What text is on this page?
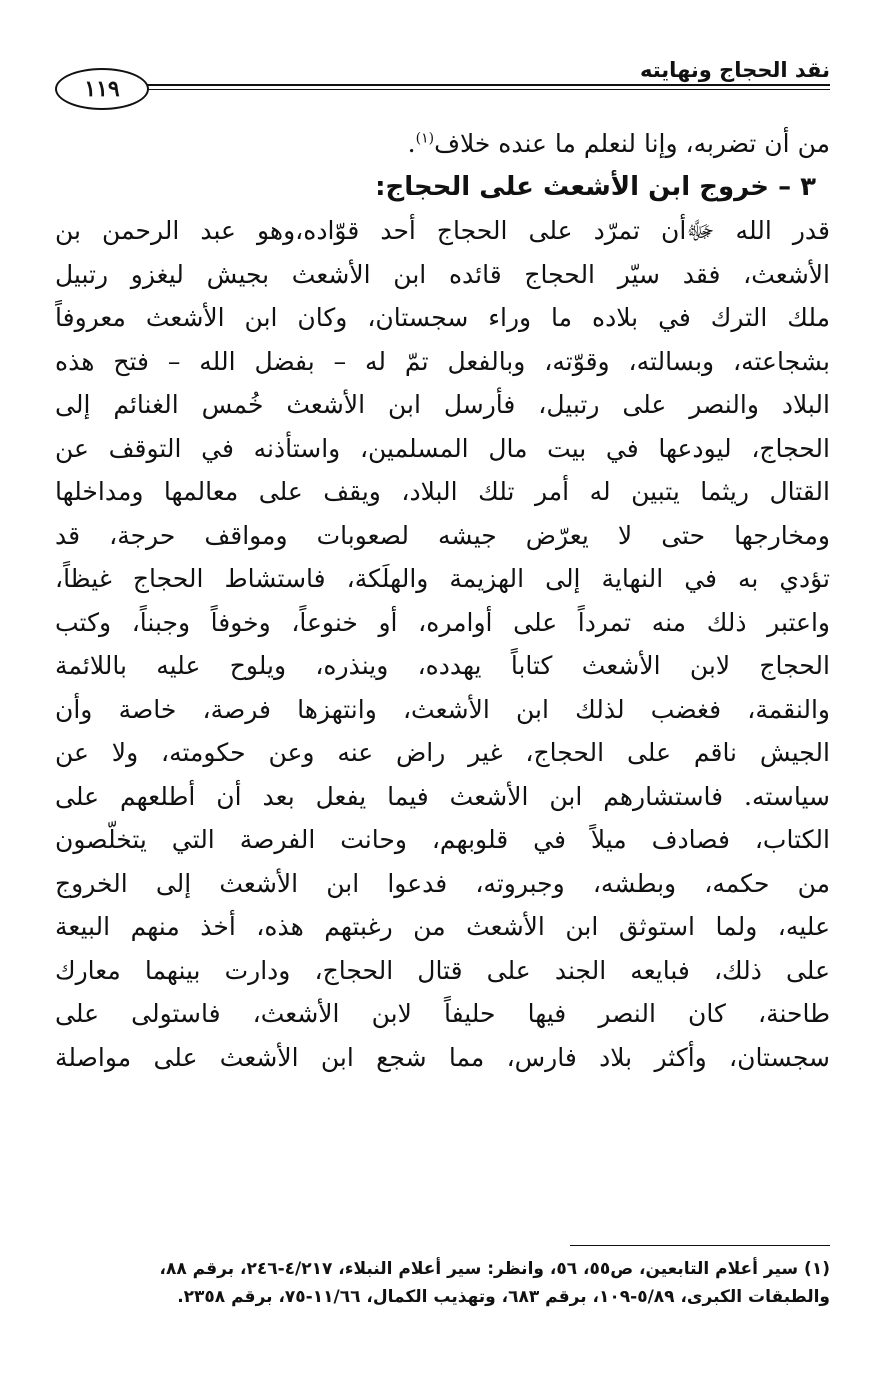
نقد الحجاج ونهايته
١١٩
من أن تضربه، وإنا لنعلم ما عنده خلاف$^{(١)}$.
٣ – خروج ابن الأشعث على الحجاج:
قدر الله ﷻأن تمرّد على الحجاج أحد قوّاده،وهو عبد الرحمن بن
الأشعث، فقد سيّر الحجاج قائده ابن الأشعث بجيش ليغزو رتبيل
ملك الترك في بلاده ما وراء سجستان، وكان ابن الأشعث معروفاً
بشجاعته، وبسالته، وقوّته، وبالفعل تمّ له – بفضل الله – فتح هذه
البلاد والنصر على رتبيل، فأرسل ابن الأشعث خُمس الغنائم إلى
الحجاج، ليودعها في بيت مال المسلمين، واستأذنه في التوقف عن
القتال ريثما يتبين له أمر تلك البلاد، ويقف على معالمها ومداخلها
ومخارجها حتى لا يعرّض جيشه لصعوبات ومواقف حرجة، قد
تؤدي به في النهاية إلى الهزيمة والهلَكة، فاستشاط الحجاج غيظاً،
واعتبر ذلك منه تمرداً على أوامره، أو خنوعاً، وخوفاً وجبناً، وكتب
الحجاج لابن الأشعث كتاباً يهدده، وينذره، ويلوح عليه باللائمة
والنقمة، فغضب لذلك ابن الأشعث، وانتهزها فرصة، خاصة وأن
الجيش ناقم على الحجاج، غير راض عنه وعن حكومته، ولا عن
سياسته. فاستشارهم ابن الأشعث فيما يفعل بعد أن أطلعهم على
الكتاب، فصادف ميلاً في قلوبهم، وحانت الفرصة التي يتخلّصون
من حكمه، وبطشه، وجبروته، فدعوا ابن الأشعث إلى الخروج
عليه، ولما استوثق ابن الأشعث من رغبتهم هذه، أخذ منهم البيعة
على ذلك، فبايعه الجند على قتال الحجاج، ودارت بينهما معارك
طاحنة، كان النصر فيها حليفاً لابن الأشعث، فاستولى على
سجستان، وأكثر بلاد فارس، مما شجع ابن الأشعث على مواصلة
(١) سير أعلام التابعين، ص٥٥، ٥٦، وانظر: سير أعلام النبلاء، ٤/٢١٧-٢٤٦، برقم ٨٨،
والطبقات الكبرى، ٥/٨٩-١٠٩، برقم ٦٨٣، وتهذيب الكمال، ١١/٦٦-٧٥، برقم ٢٣٥٨.
